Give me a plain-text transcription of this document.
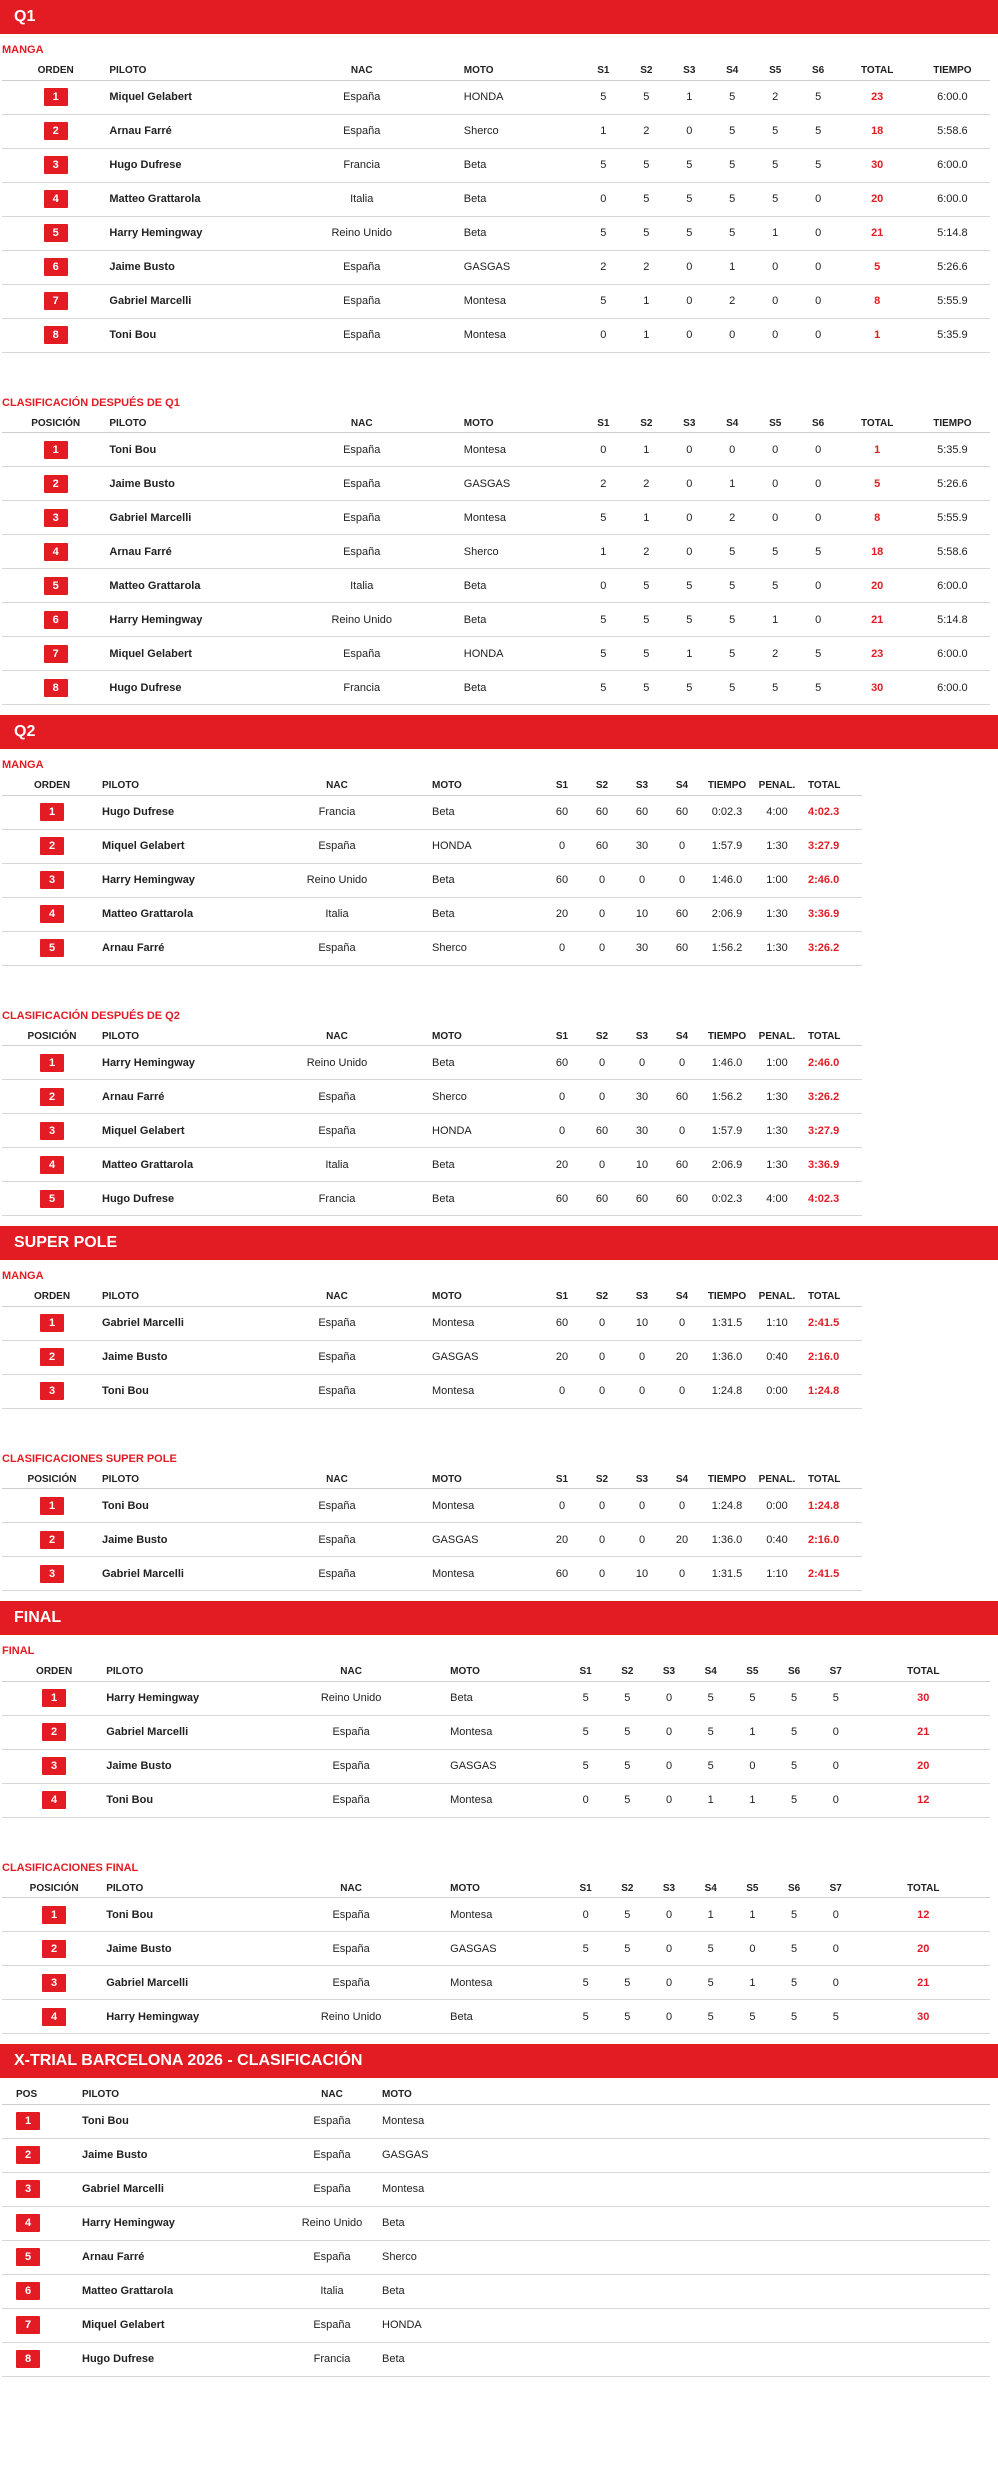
Q1
MANGA
ORDEN	PILOTO	NAC	MOTO	S1	S2	S3	S4	S5	S6	TOTAL	TIEMPO
1	Miquel Gelabert	España	HONDA	5	5	1	5	2	5	23	6:00.0
2	Arnau Farré	España	Sherco	1	2	0	5	5	5	18	5:58.6
3	Hugo Dufrese	Francia	Beta	5	5	5	5	5	5	30	6:00.0
4	Matteo Grattarola	Italia	Beta	0	5	5	5	5	0	20	6:00.0
5	Harry Hemingway	Reino Unido	Beta	5	5	5	5	1	0	21	5:14.8
6	Jaime Busto	España	GASGAS	2	2	0	1	0	0	5	5:26.6
7	Gabriel Marcelli	España	Montesa	5	1	0	2	0	0	8	5:55.9
8	Toni Bou	España	Montesa	0	1	0	0	0	0	1	5:35.9
CLASIFICACIÓN DESPUÉS DE Q1
POSICIÓN	PILOTO	NAC	MOTO	S1	S2	S3	S4	S5	S6	TOTAL	TIEMPO
1	Toni Bou	España	Montesa	0	1	0	0	0	0	1	5:35.9
2	Jaime Busto	España	GASGAS	2	2	0	1	0	0	5	5:26.6
3	Gabriel Marcelli	España	Montesa	5	1	0	2	0	0	8	5:55.9
4	Arnau Farré	España	Sherco	1	2	0	5	5	5	18	5:58.6
5	Matteo Grattarola	Italia	Beta	0	5	5	5	5	0	20	6:00.0
6	Harry Hemingway	Reino Unido	Beta	5	5	5	5	1	0	21	5:14.8
7	Miquel Gelabert	España	HONDA	5	5	1	5	2	5	23	6:00.0
8	Hugo Dufrese	Francia	Beta	5	5	5	5	5	5	30	6:00.0
Q2
MANGA
ORDEN	PILOTO	NAC	MOTO	S1	S2	S3	S4	TIEMPO	PENAL.	TOTAL
1	Hugo Dufrese	Francia	Beta	60	60	60	60	0:02.3	4:00	4:02.3
2	Miquel Gelabert	España	HONDA	0	60	30	0	1:57.9	1:30	3:27.9
3	Harry Hemingway	Reino Unido	Beta	60	0	0	0	1:46.0	1:00	2:46.0
4	Matteo Grattarola	Italia	Beta	20	0	10	60	2:06.9	1:30	3:36.9
5	Arnau Farré	España	Sherco	0	0	30	60	1:56.2	1:30	3:26.2
CLASIFICACIÓN DESPUÉS DE Q2
POSICIÓN	PILOTO	NAC	MOTO	S1	S2	S3	S4	TIEMPO	PENAL.	TOTAL
1	Harry Hemingway	Reino Unido	Beta	60	0	0	0	1:46.0	1:00	2:46.0
2	Arnau Farré	España	Sherco	0	0	30	60	1:56.2	1:30	3:26.2
3	Miquel Gelabert	España	HONDA	0	60	30	0	1:57.9	1:30	3:27.9
4	Matteo Grattarola	Italia	Beta	20	0	10	60	2:06.9	1:30	3:36.9
5	Hugo Dufrese	Francia	Beta	60	60	60	60	0:02.3	4:00	4:02.3
SUPER POLE
MANGA
ORDEN	PILOTO	NAC	MOTO	S1	S2	S3	S4	TIEMPO	PENAL.	TOTAL
1	Gabriel Marcelli	España	Montesa	60	0	10	0	1:31.5	1:10	2:41.5
2	Jaime Busto	España	GASGAS	20	0	0	20	1:36.0	0:40	2:16.0
3	Toni Bou	España	Montesa	0	0	0	0	1:24.8	0:00	1:24.8
CLASIFICACIONES SUPER POLE
POSICIÓN	PILOTO	NAC	MOTO	S1	S2	S3	S4	TIEMPO	PENAL.	TOTAL
1	Toni Bou	España	Montesa	0	0	0	0	1:24.8	0:00	1:24.8
2	Jaime Busto	España	GASGAS	20	0	0	20	1:36.0	0:40	2:16.0
3	Gabriel Marcelli	España	Montesa	60	0	10	0	1:31.5	1:10	2:41.5
FINAL
FINAL
ORDEN	PILOTO	NAC	MOTO	S1	S2	S3	S4	S5	S6	S7	TOTAL
1	Harry Hemingway	Reino Unido	Beta	5	5	0	5	5	5	5	30
2	Gabriel Marcelli	España	Montesa	5	5	0	5	1	5	0	21
3	Jaime Busto	España	GASGAS	5	5	0	5	0	5	0	20
4	Toni Bou	España	Montesa	0	5	0	1	1	5	0	12
CLASIFICACIONES FINAL
POSICIÓN	PILOTO	NAC	MOTO	S1	S2	S3	S4	S5	S6	S7	TOTAL
1	Toni Bou	España	Montesa	0	5	0	1	1	5	0	12
2	Jaime Busto	España	GASGAS	5	5	0	5	0	5	0	20
3	Gabriel Marcelli	España	Montesa	5	5	0	5	1	5	0	21
4	Harry Hemingway	Reino Unido	Beta	5	5	0	5	5	5	5	30
X-TRIAL BARCELONA 2026 - CLASIFICACIÓN
POS	PILOTO	NAC	MOTO
1	Toni Bou	España	Montesa
2	Jaime Busto	España	GASGAS
3	Gabriel Marcelli	España	Montesa
4	Harry Hemingway	Reino Unido	Beta
5	Arnau Farré	España	Sherco
6	Matteo Grattarola	Italia	Beta
7	Miquel Gelabert	España	HONDA
8	Hugo Dufrese	Francia	Beta
